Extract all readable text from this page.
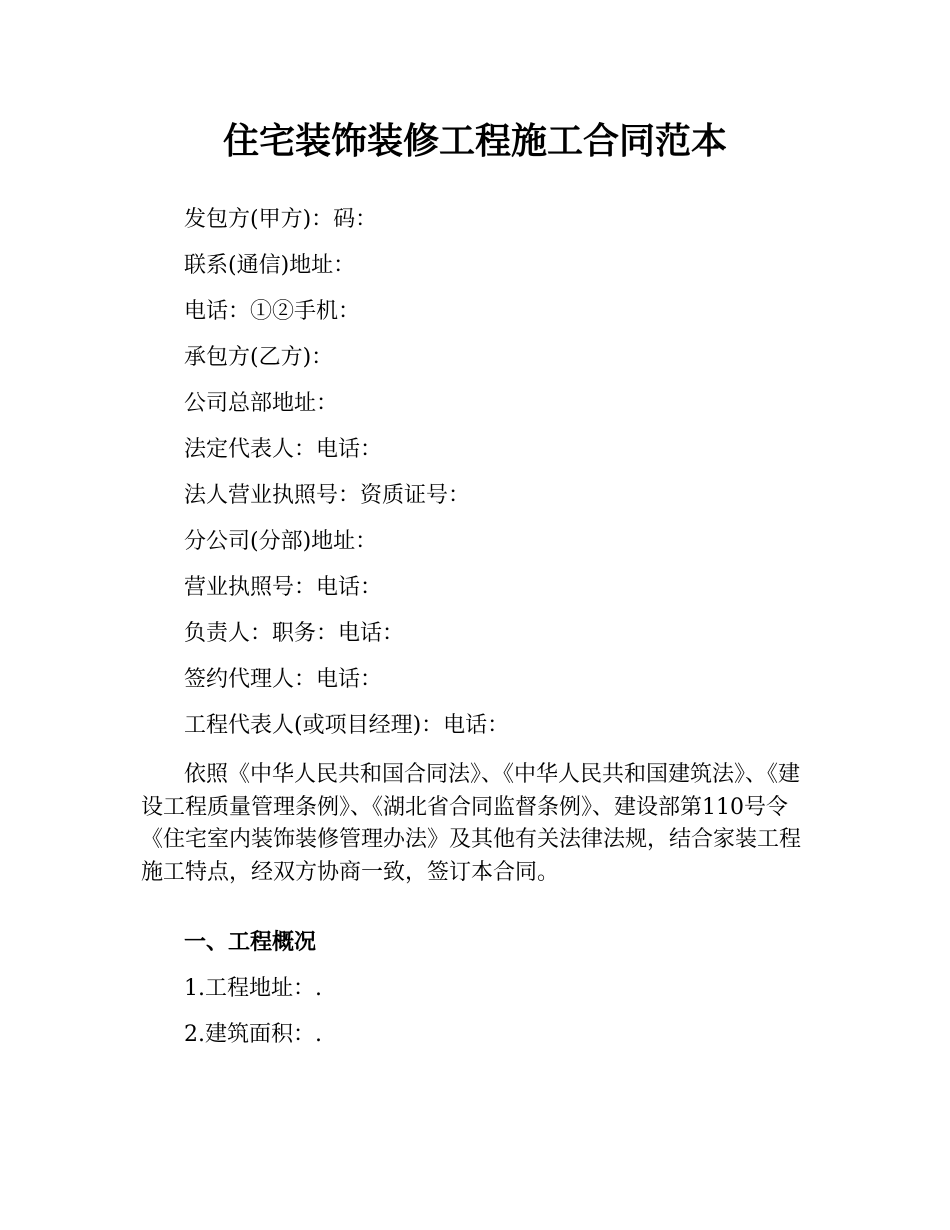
住宅装饰装修工程施工合同范本

发包方(甲方)：码：

联系(通信)地址：

电话：①②手机：

承包方(乙方)：

公司总部地址：

法定代表人：电话：

法人营业执照号：资质证号：

分公司(分部)地址：

营业执照号：电话：

负责人：职务：电话：

签约代理人：电话：

工程代表人(或项目经理)：电话：

依照《中华人民共和国合同法》、《中华人民共和国建筑法》、《建设工程质量管理条例》、《湖北省合同监督条例》、建设部第110号令《住宅室内装饰装修管理办法》及其他有关法律法规，结合家装工程施工特点，经双方协商一致，签订本合同。

一、工程概况

1.工程地址：.

2.建筑面积：.
